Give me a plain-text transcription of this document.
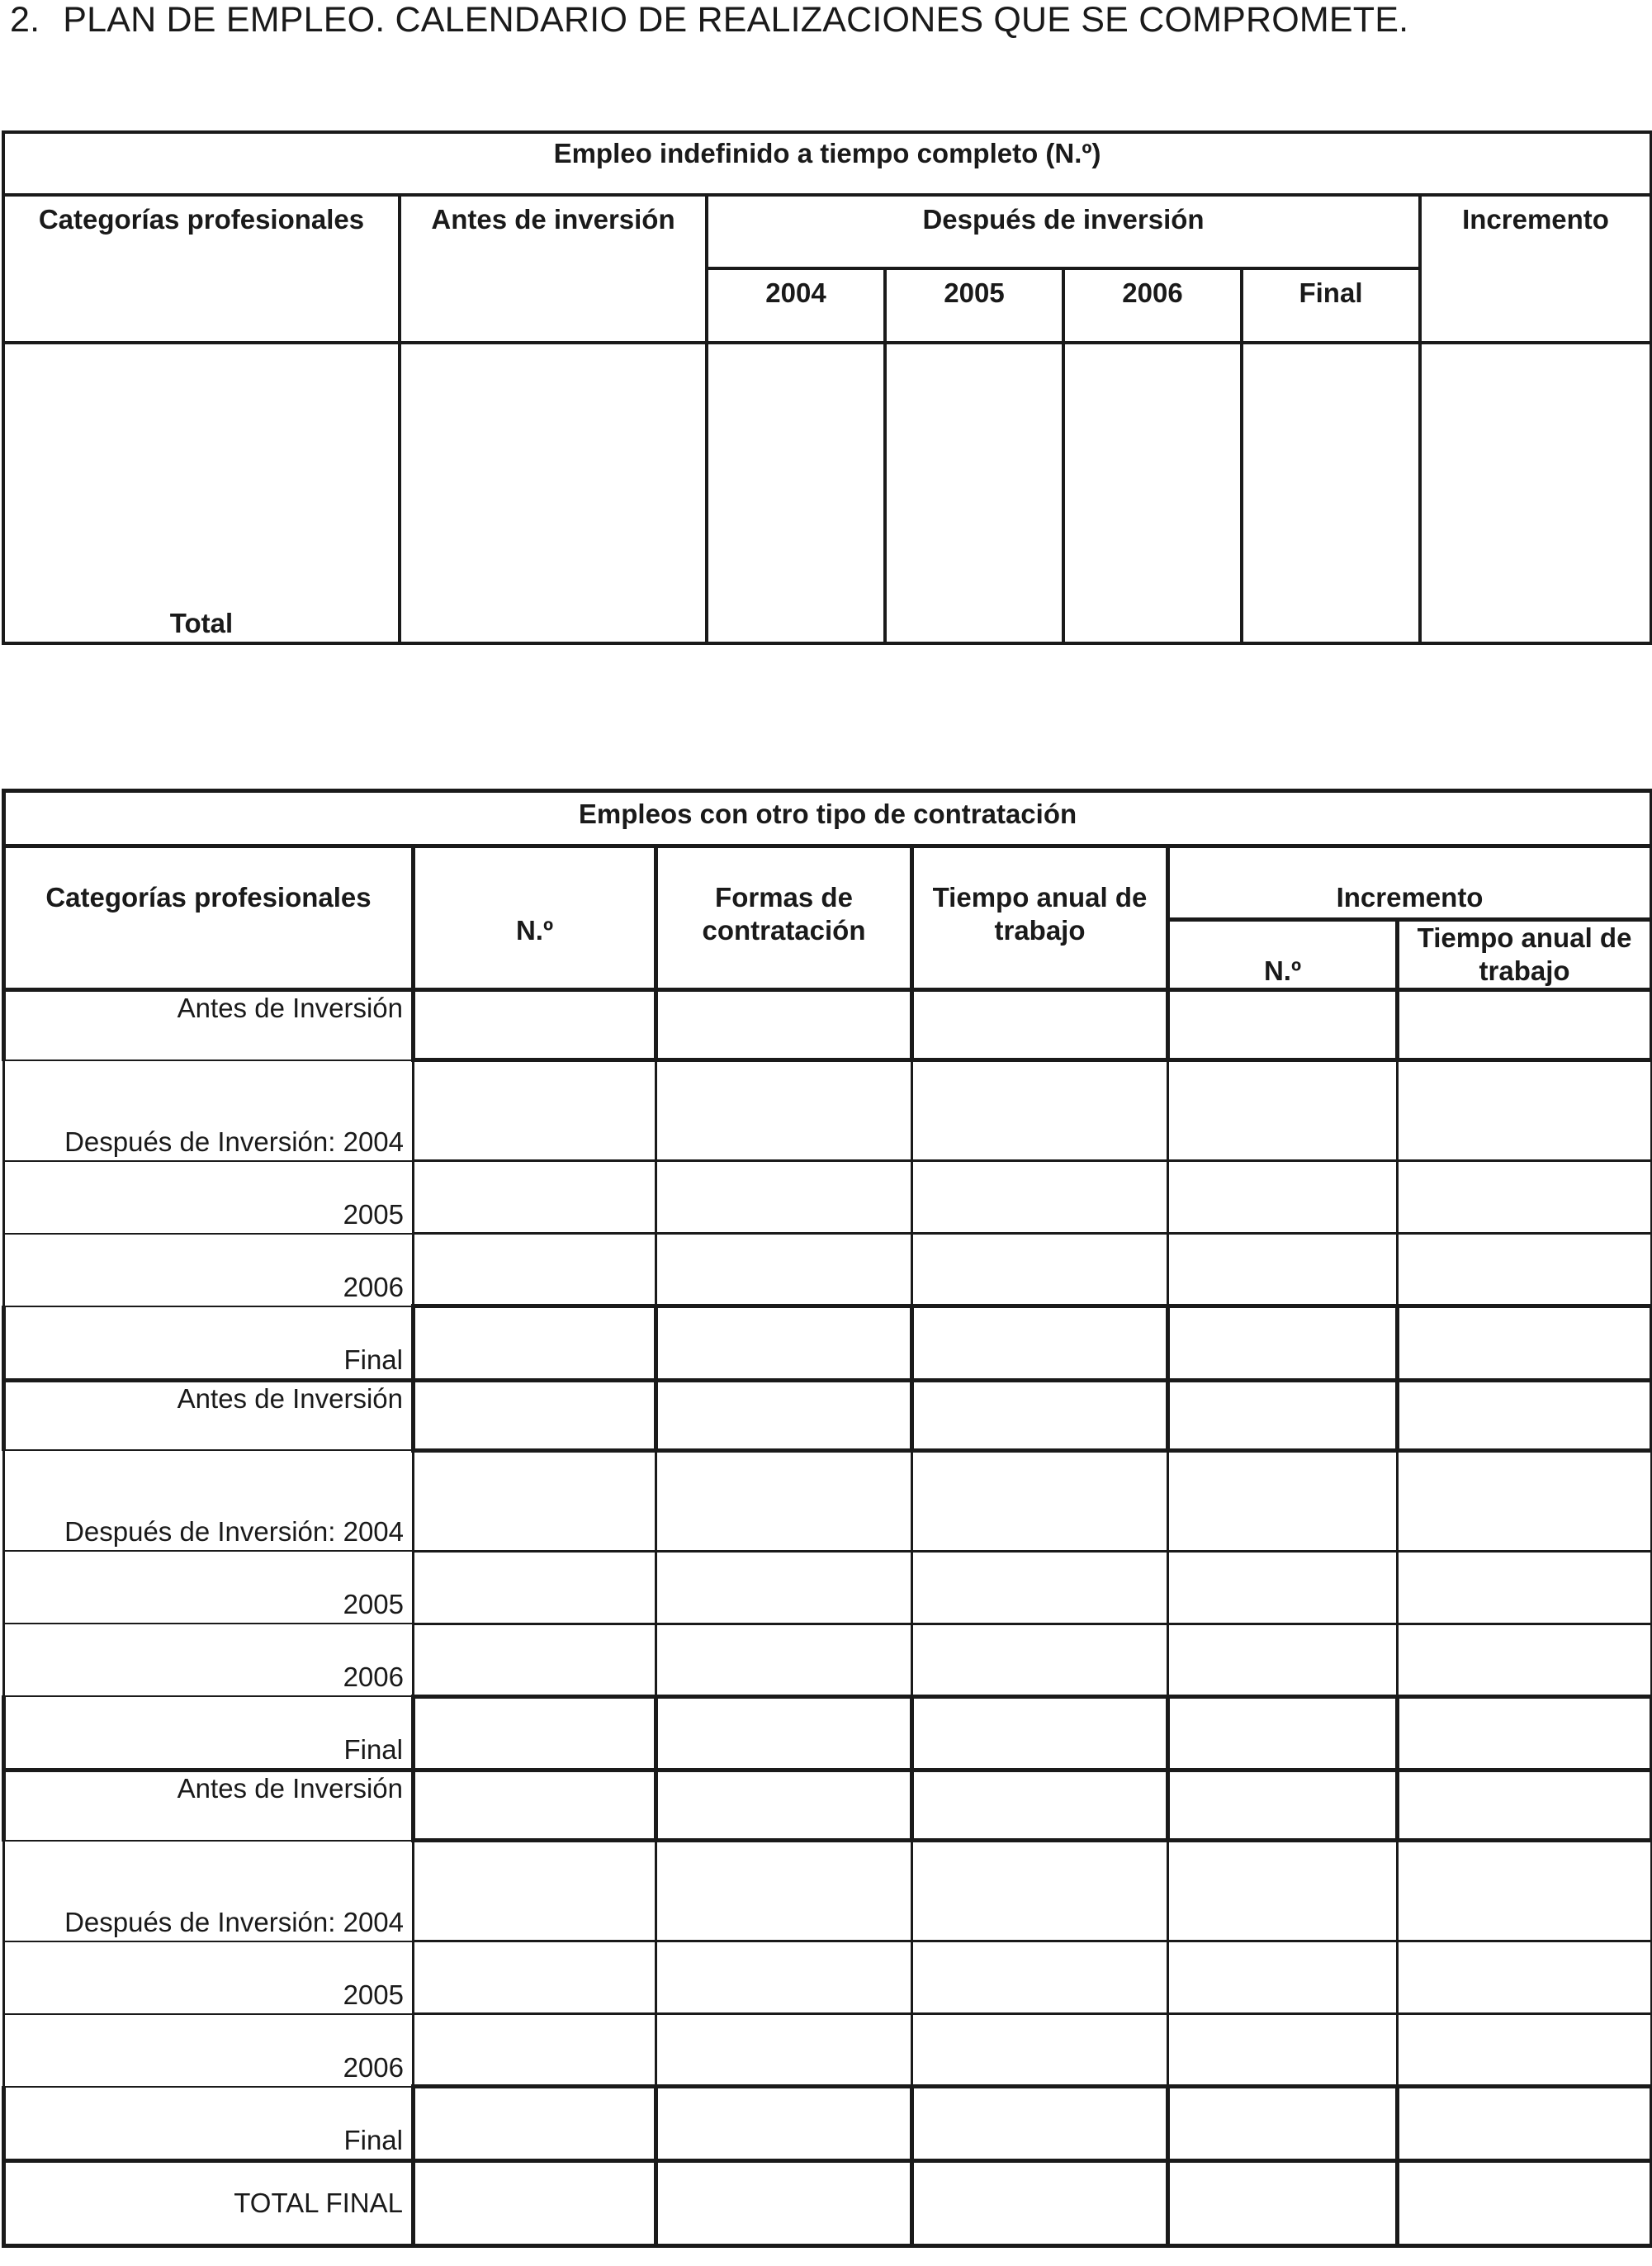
2. PLAN DE EMPLEO. CALENDARIO DE REALIZACIONES QUE SE COMPROMETE.
Empleo indefinido a tiempo completo (N.º)						

Categorías profesionales	Antes de inversión	Después de inversión				Incremento

		2004	2005	2006	Final	

Total						

Empleos con otro tipo de contratación					

Categorías profesionales	N.º	Formas de contratación	Tiempo anual de trabajo	Incremento	

				N.º	Tiempo anual de trabajo

Antes de Inversión					

Después de Inversión: 2004					

2005					

2006					

Final					

Antes de Inversión					

Después de Inversión: 2004					

2005					

2006					

Final					

Antes de Inversión					

Después de Inversión: 2004					

2005					

2006					

Final					

TOTAL FINAL					
